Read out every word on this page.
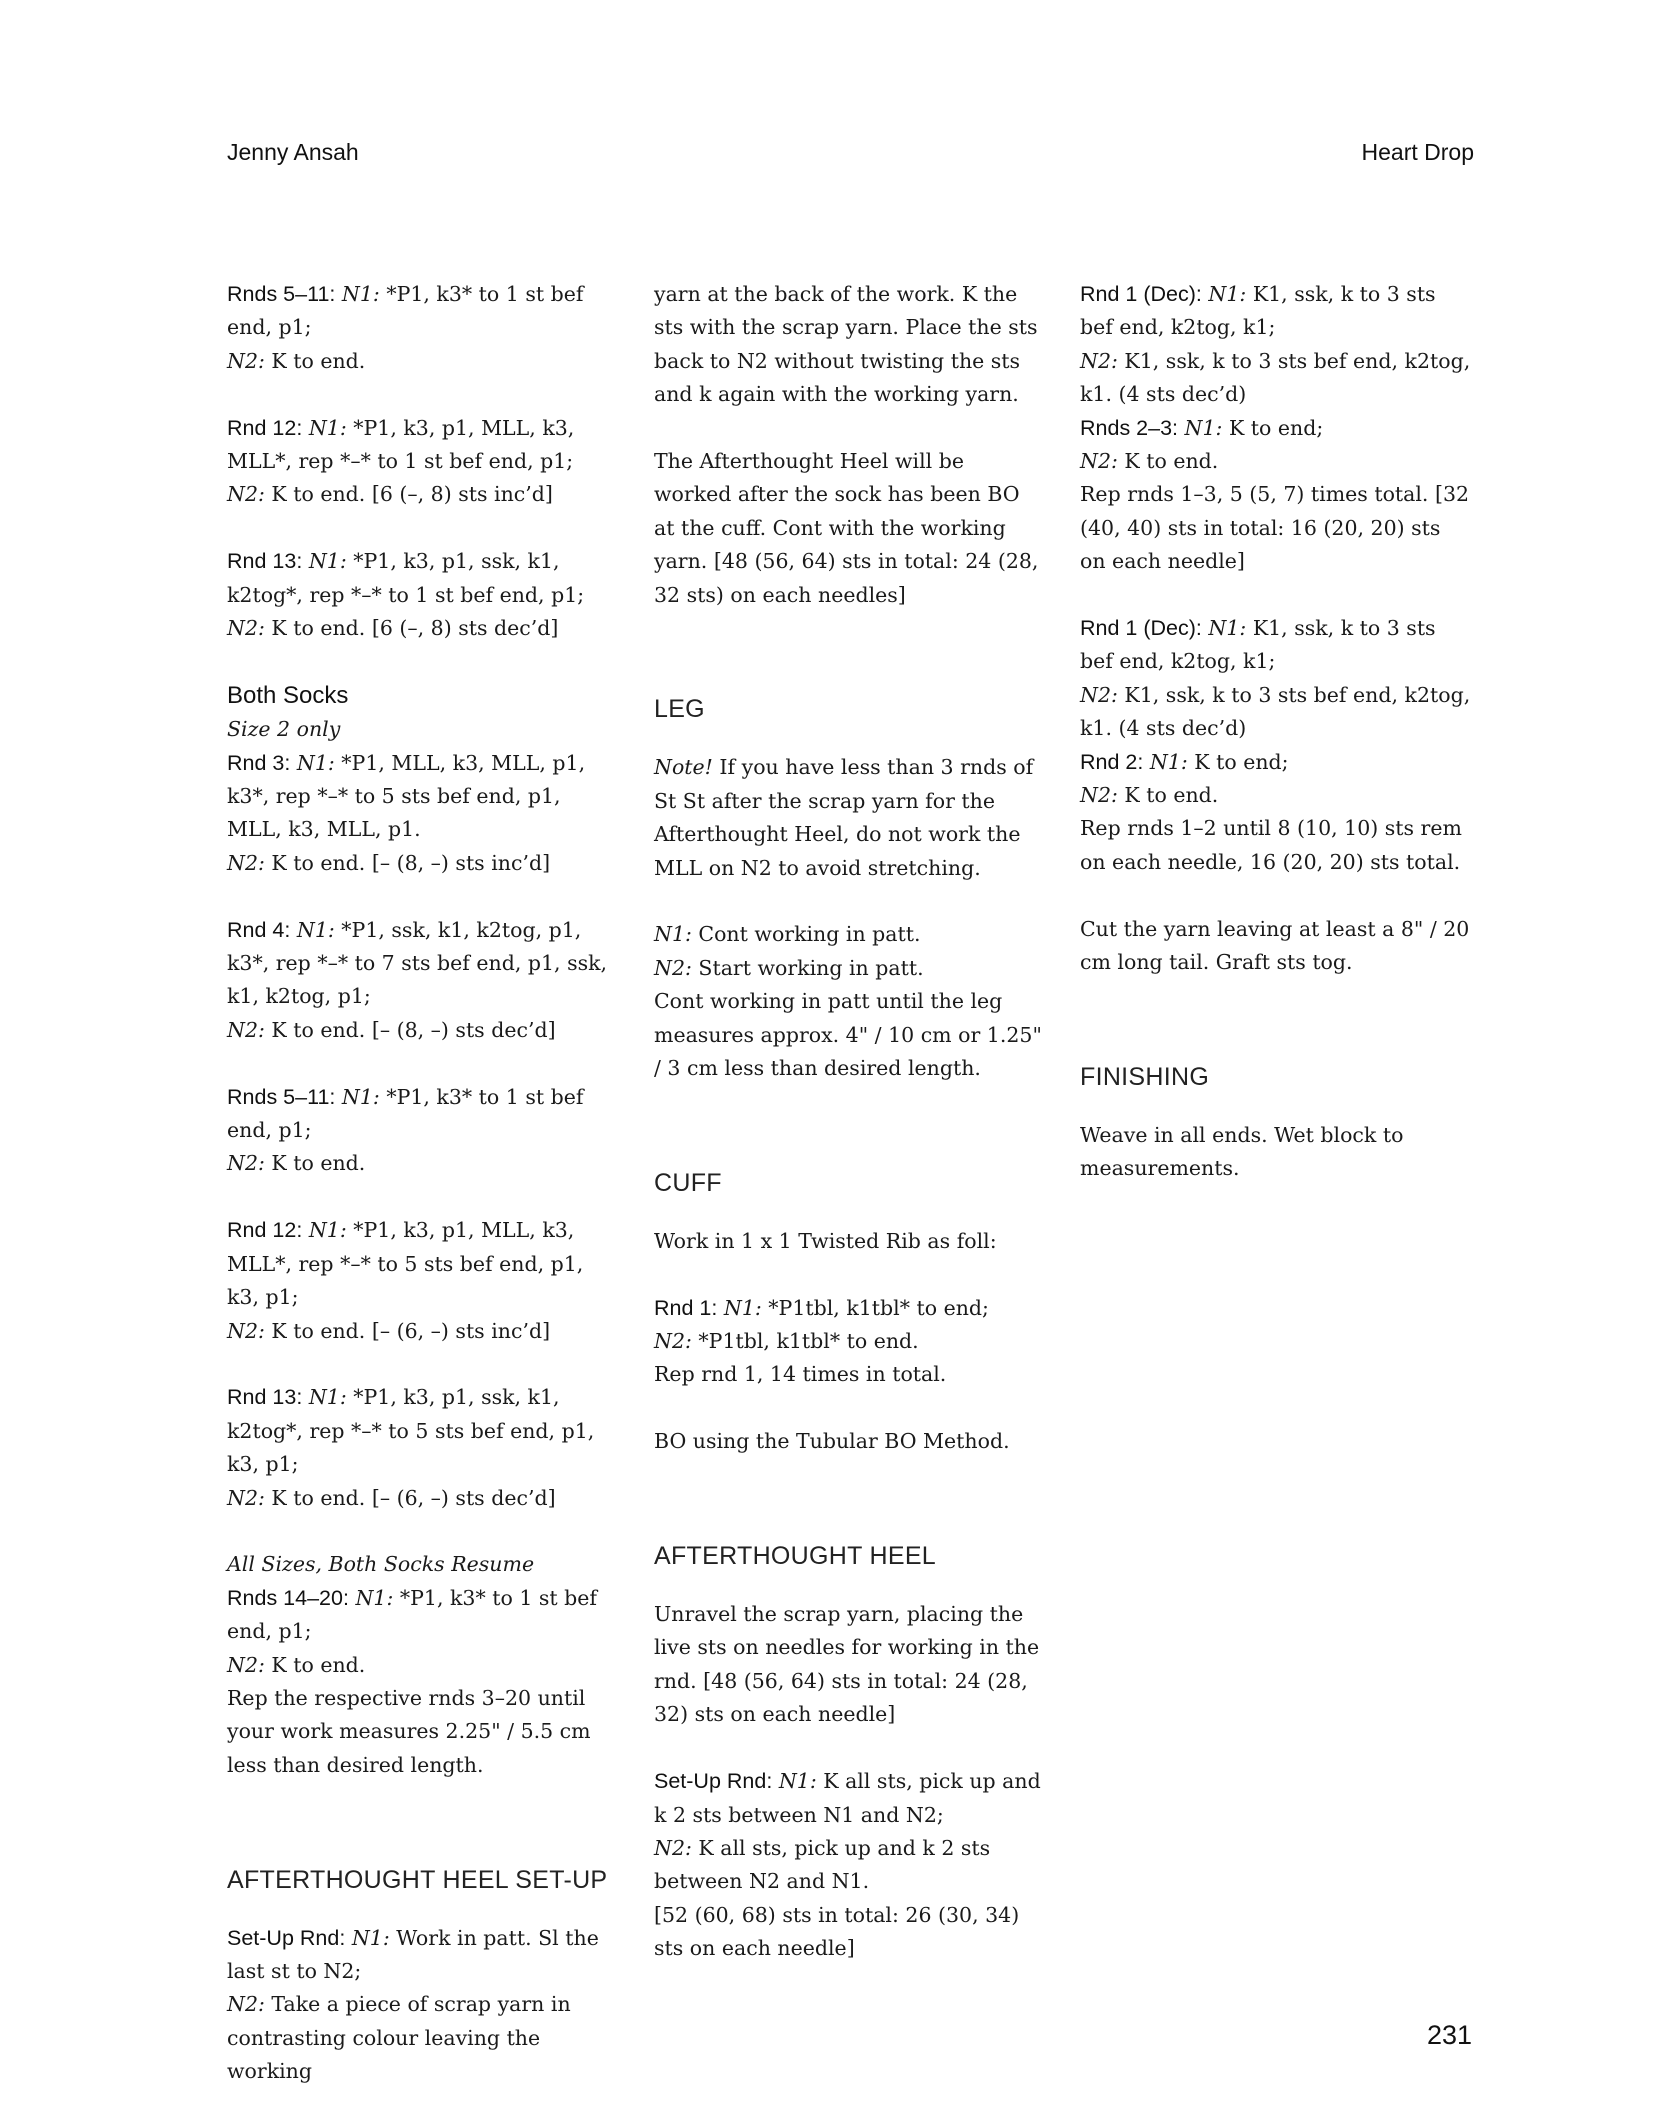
Jenny Ansah	Heart Drop

Rnds 5–11: N1: *P1, k3* to 1 st bef end, p1;
N2: K to end.

Rnd 12: N1: *P1, k3, p1, MLL, k3, MLL*, rep *–* to 1 st bef end, p1;
N2: K to end. [6 (–, 8) sts inc’d]

Rnd 13: N1: *P1, k3, p1, ssk, k1, k2tog*, rep *–* to 1 st bef end, p1;
N2: K to end. [6 (–, 8) sts dec’d]

Both Socks
Size 2 only
Rnd 3: N1: *P1, MLL, k3, MLL, p1, k3*, rep *–* to 5 sts bef end, p1, MLL, k3, MLL, p1.
N2: K to end. [– (8, –) sts inc’d]

Rnd 4: N1: *P1, ssk, k1, k2tog, p1, k3*, rep *–* to 7 sts bef end, p1, ssk, k1, k2tog, p1;
N2: K to end. [– (8, –) sts dec’d]

Rnds 5–11: N1: *P1, k3* to 1 st bef end, p1;
N2: K to end.

Rnd 12: N1: *P1, k3, p1, MLL, k3, MLL*, rep *–* to 5 sts bef end, p1, k3, p1;
N2: K to end. [– (6, –) sts inc’d]

Rnd 13: N1: *P1, k3, p1, ssk, k1, k2tog*, rep *–* to 5 sts bef end, p1, k3, p1;
N2: K to end. [– (6, –) sts dec’d]

All Sizes, Both Socks Resume
Rnds 14–20: N1: *P1, k3* to 1 st bef end, p1;
N2: K to end.
Rep the respective rnds 3–20 until your work measures 2.25" / 5.5 cm less than desired length.

AFTERTHOUGHT HEEL SET-UP

Set-Up Rnd: N1: Work in patt. Sl the last st to N2;
N2: Take a piece of scrap yarn in contrasting colour leaving the working

yarn at the back of the work. K the sts with the scrap yarn. Place the sts back to N2 without twisting the sts and k again with the working yarn.

The Afterthought Heel will be worked after the sock has been BO at the cuff. Cont with the working yarn. [48 (56, 64) sts in total: 24 (28, 32 sts) on each needles]

LEG

Note! If you have less than 3 rnds of St St after the scrap yarn for the Afterthought Heel, do not work the MLL on N2 to avoid stretching.

N1: Cont working in patt.
N2: Start working in patt.
Cont working in patt until the leg measures approx. 4" / 10 cm or 1.25" / 3 cm less than desired length.

CUFF

Work in 1 x 1 Twisted Rib as foll:

Rnd 1: N1: *P1tbl, k1tbl* to end;
N2: *P1tbl, k1tbl* to end.
Rep rnd 1, 14 times in total.

BO using the Tubular BO Method.

AFTERTHOUGHT HEEL

Unravel the scrap yarn, placing the live sts on needles for working in the rnd. [48 (56, 64) sts in total: 24 (28, 32) sts on each needle]

Set-Up Rnd: N1: K all sts, pick up and k 2 sts between N1 and N2;
N2: K all sts, pick up and k 2 sts between N2 and N1.
[52 (60, 68) sts in total: 26 (30, 34) sts on each needle]

Rnd 1 (Dec): N1: K1, ssk, k to 3 sts bef end, k2tog, k1;
N2: K1, ssk, k to 3 sts bef end, k2tog, k1. (4 sts dec’d)
Rnds 2–3: N1: K to end;
N2: K to end.
Rep rnds 1–3, 5 (5, 7) times total. [32 (40, 40) sts in total: 16 (20, 20) sts on each needle]

Rnd 1 (Dec): N1: K1, ssk, k to 3 sts bef end, k2tog, k1;
N2: K1, ssk, k to 3 sts bef end, k2tog, k1. (4 sts dec’d)
Rnd 2: N1: K to end;
N2: K to end.
Rep rnds 1–2 until 8 (10, 10) sts rem on each needle, 16 (20, 20) sts total.

Cut the yarn leaving at least a 8" / 20 cm long tail. Graft sts tog.

FINISHING

Weave in all ends. Wet block to measurements.

231
